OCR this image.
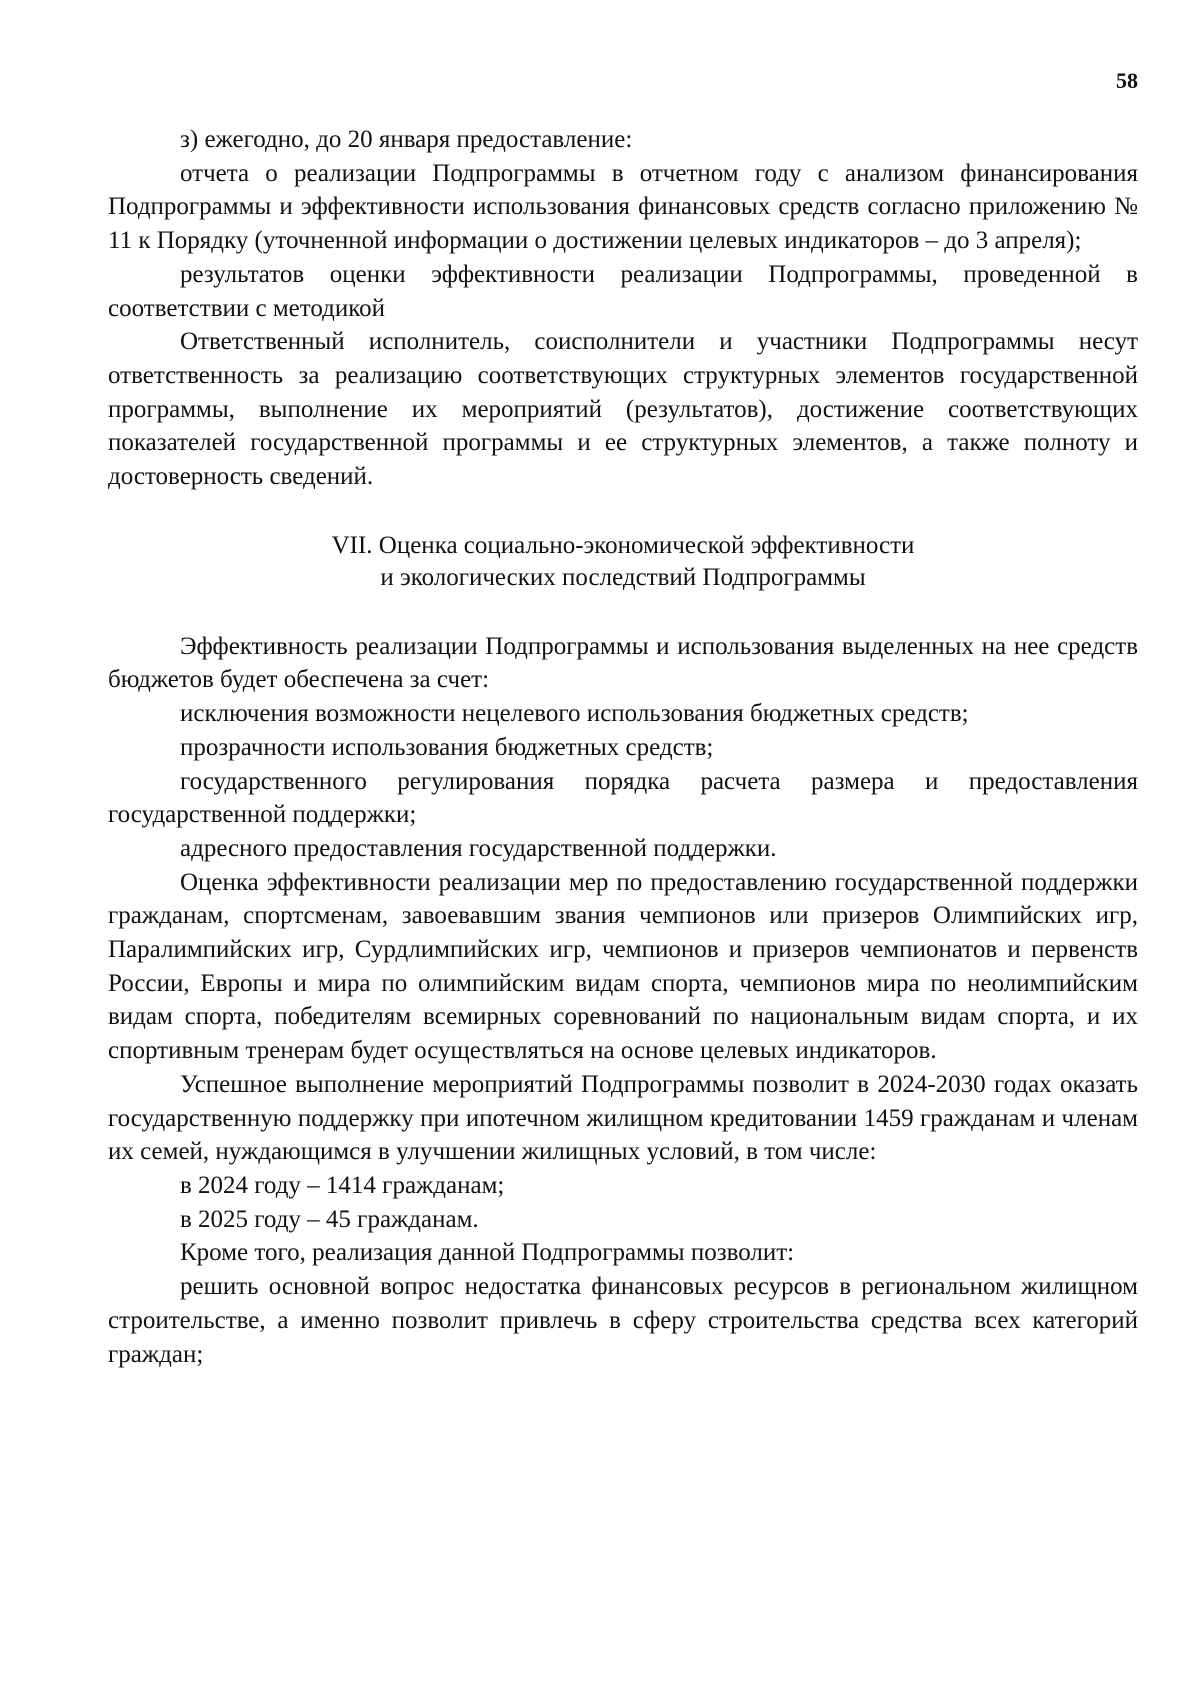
58

з) ежегодно, до 20 января предоставление:

отчета о реализации Подпрограммы в отчетном году с анализом финансирования Подпрограммы и эффективности использования финансовых средств согласно приложению № 11 к Порядку (уточненной информации о достижении целевых индикаторов – до 3 апреля);

результатов оценки эффективности реализации Подпрограммы, проведенной в соответствии с методикой

Ответственный исполнитель, соисполнители и участники Подпрограммы несут ответственность за реализацию соответствующих структурных элементов государственной программы, выполнение их мероприятий (результатов), достижение соответствующих показателей государственной программы и ее структурных элементов, а также полноту и достоверность сведений.

VII. Оценка социально-экономической эффективности
и экологических последствий Подпрограммы

Эффективность реализации Подпрограммы и использования выделенных на нее средств бюджетов будет обеспечена за счет:

исключения возможности нецелевого использования бюджетных средств;

прозрачности использования бюджетных средств;

государственного регулирования порядка расчета размера и предоставления государственной поддержки;

адресного предоставления государственной поддержки.

Оценка эффективности реализации мер по предоставлению государственной поддержки гражданам, спортсменам, завоевавшим звания чемпионов или призеров Олимпийских игр, Паралимпийских игр, Сурдлимпийских игр, чемпионов и призеров чемпионатов и первенств России, Европы и мира по олимпийским видам спорта, чемпионов мира по неолимпийским видам спорта, победителям всемирных соревнований по национальным видам спорта, и их спортивным тренерам будет осуществляться на основе целевых индикаторов.

Успешное выполнение мероприятий Подпрограммы позволит в 2024-2030 годах оказать государственную поддержку при ипотечном жилищном кредитовании 1459 гражданам и членам их семей, нуждающимся в улучшении жилищных условий, в том числе:

в 2024 году – 1414 гражданам;

в 2025 году – 45 гражданам.

Кроме того, реализация данной Подпрограммы позволит:

решить основной вопрос недостатка финансовых ресурсов в региональном жилищном строительстве, а именно позволит привлечь в сферу строительства средства всех категорий граждан;
